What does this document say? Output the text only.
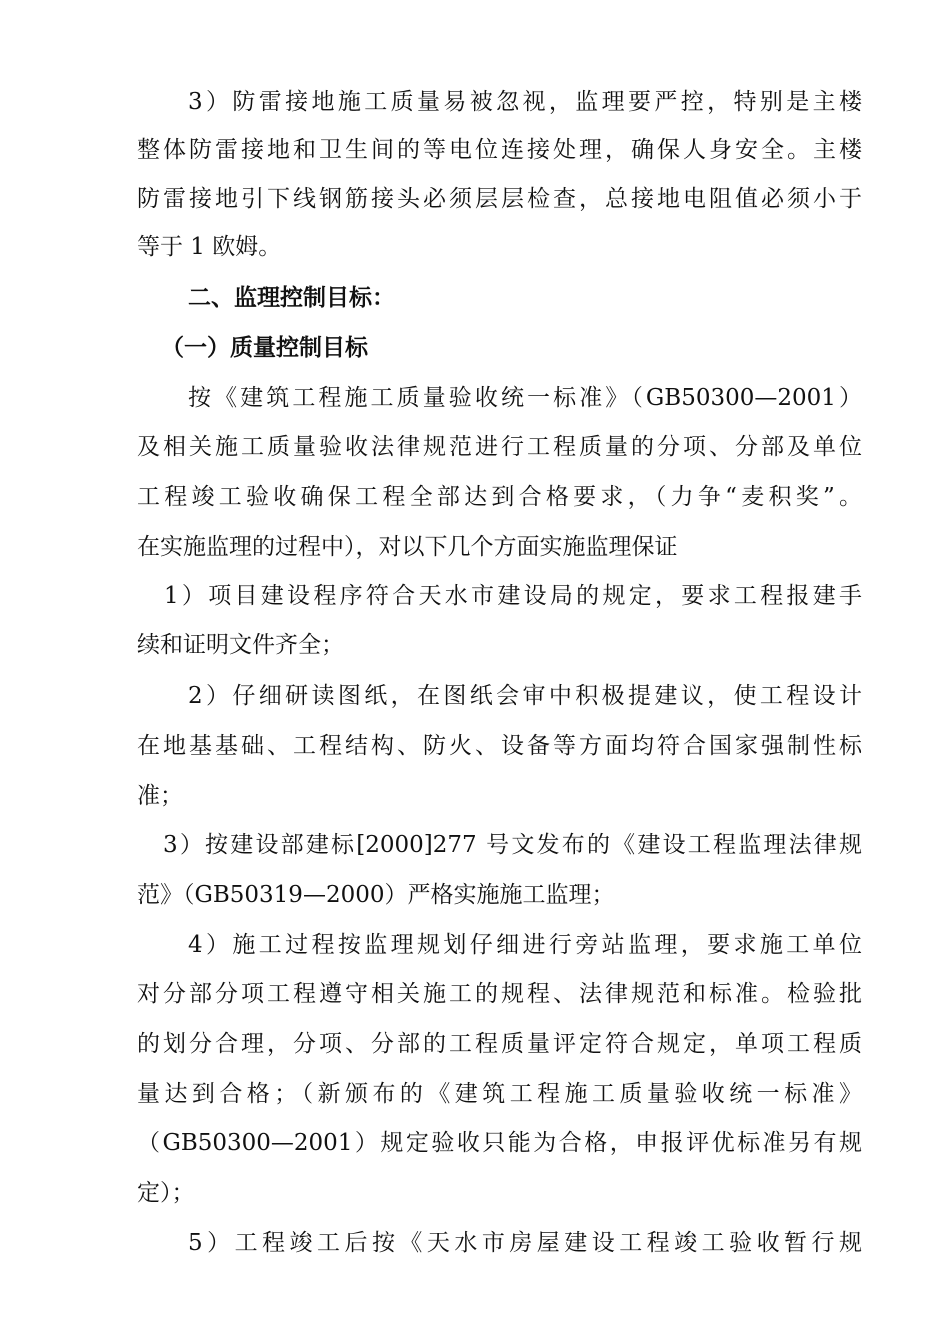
3）防雷接地施工质量易被忽视，监理要严控，特别是主楼
整体防雷接地和卫生间的等电位连接处理，确保人身安全。主楼
防雷接地引下线钢筋接头必须层层检查，总接地电阻值必须小于
等于 1 欧姆。
二、监理控制目标：
（一）质量控制目标
按《建筑工程施工质量验收统一标准》（GB50300—2001）
及相关施工质量验收法律规范进行工程质量的分项、分部及单位
工程竣工验收确保工程全部达到合格要求，（力争“麦积奖”。
在实施监理的过程中），对以下几个方面实施监理保证
1）项目建设程序符合天水市建设局的规定，要求工程报建手
续和证明文件齐全；
2）仔细研读图纸，在图纸会审中积极提建议，使工程设计
在地基基础、工程结构、防火、设备等方面均符合国家强制性标
准；
3）按建设部建标[2000]277 号文发布的《建设工程监理法律规
范》（GB50319—2000）严格实施施工监理；
4）施工过程按监理规划仔细进行旁站监理，要求施工单位
对分部分项工程遵守相关施工的规程、法律规范和标准。检验批
的划分合理，分项、分部的工程质量评定符合规定，单项工程质
量达到合格；（新颁布的《建筑工程施工质量验收统一标准》
（GB50300—2001）规定验收只能为合格，申报评优标准另有规
定）；
5）工程竣工后按《天水市房屋建设工程竣工验收暂行规
